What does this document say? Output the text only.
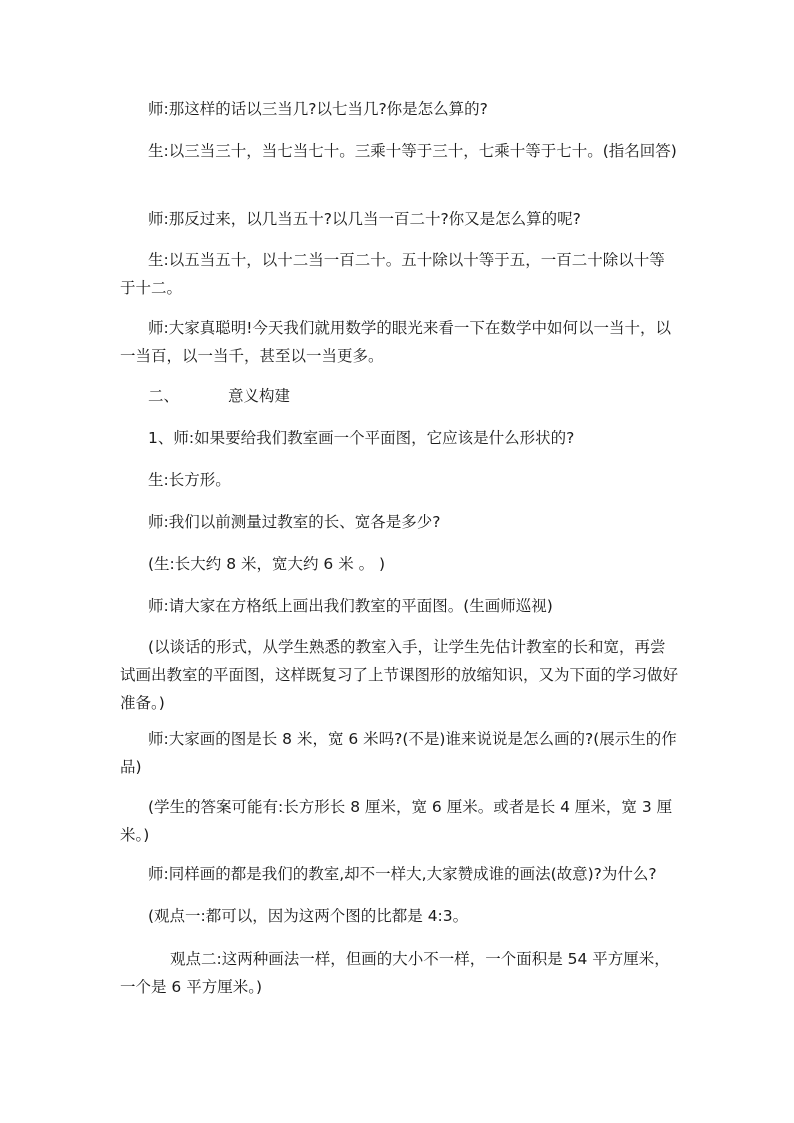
师:那这样的话以三当几?以七当几?你是怎么算的?

生:以三当三十，当七当七十。三乘十等于三十，七乘十等于七十。(指名回答)

师:那反过来，以几当五十?以几当一百二十?你又是怎么算的呢?

生:以五当五十，以十二当一百二十。五十除以十等于五，一百二十除以十等于十二。

师:大家真聪明!今天我们就用数学的眼光来看一下在数学中如何以一当十，以一当百，以一当千，甚至以一当更多。

二、	意义构建

1、师:如果要给我们教室画一个平面图，它应该是什么形状的?

生:长方形。

师:我们以前测量过教室的长、宽各是多少?

(生:长大约 8 米，宽大约 6 米 。 )

师:请大家在方格纸上画出我们教室的平面图。(生画师巡视)

(以谈话的形式，从学生熟悉的教室入手，让学生先估计教室的长和宽，再尝试画出教室的平面图，这样既复习了上节课图形的放缩知识，又为下面的学习做好准备。)

师:大家画的图是长 8 米，宽 6 米吗?(不是)谁来说说是怎么画的?(展示生的作品)

(学生的答案可能有:长方形长 8 厘米，宽 6 厘米。或者是长 4 厘米，宽 3 厘米。)

师:同样画的都是我们的教室,却不一样大,大家赞成谁的画法(故意)?为什么?

(观点一:都可以，因为这两个图的比都是 4:3。

观点二:这两种画法一样，但画的大小不一样，一个面积是 54 平方厘米，一个是 6 平方厘米。)
